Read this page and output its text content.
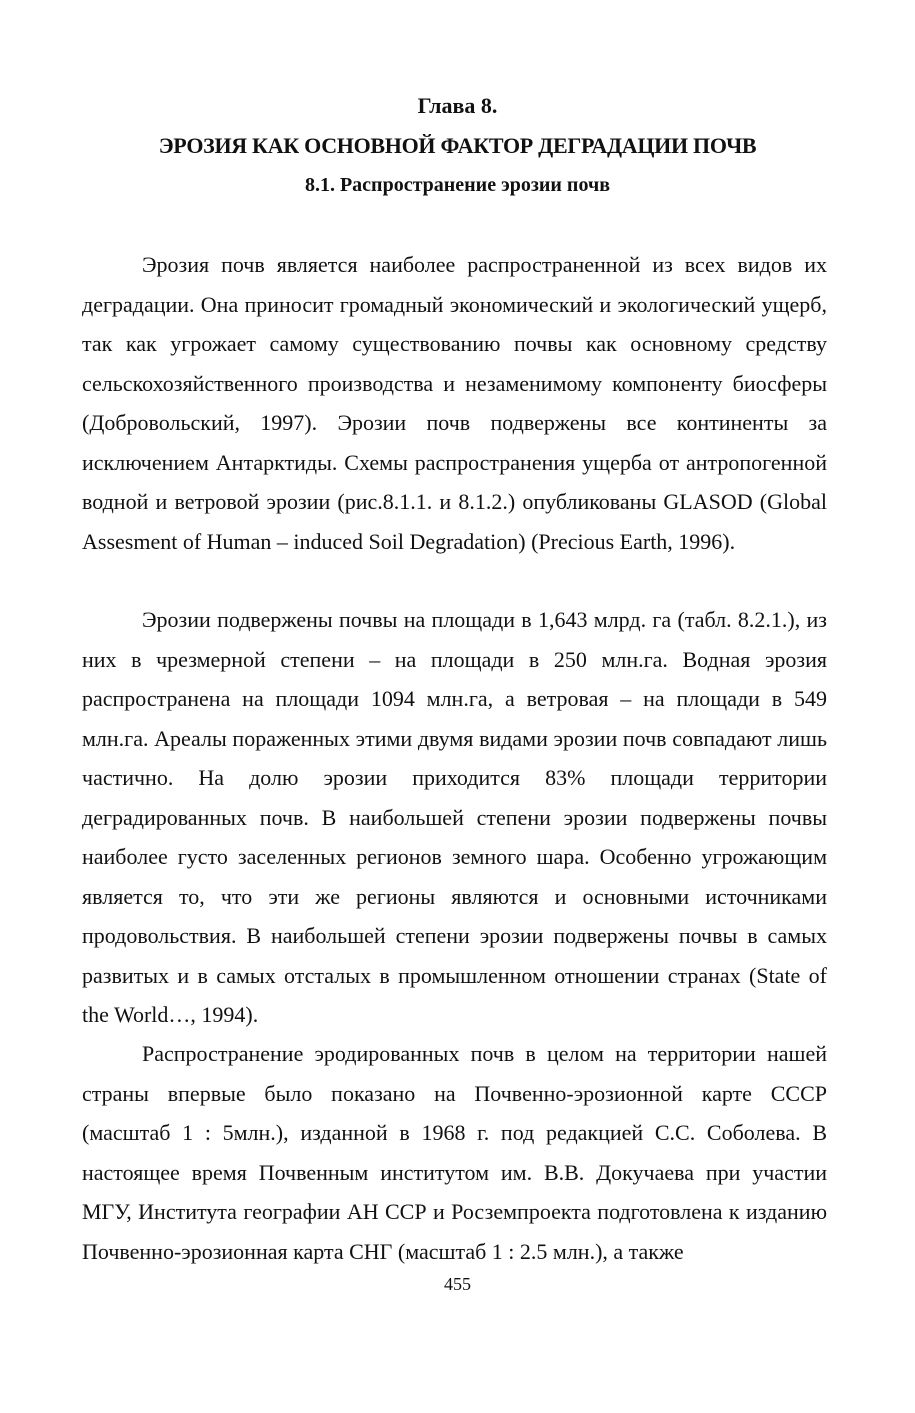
Глава 8.
ЭРОЗИЯ КАК ОСНОВНОЙ ФАКТОР ДЕГРАДАЦИИ ПОЧВ
8.1. Распространение эрозии почв

Эрозия почв является наиболее распространенной из всех видов их деградации. Она приносит громадный экономический и экологический ущерб, так как угрожает самому существованию почвы как основному средству сельскохозяйственного производства и незаменимому компоненту биосферы (Добровольский, 1997). Эрозии почв подвержены все континенты за исключением Антарктиды. Схемы распространения ущерба от антропогенной водной и ветровой эрозии (рис.8.1.1. и 8.1.2.) опубликованы GLASOD (Global Assesment of Human – induced Soil Degradation) (Precious Earth, 1996).

Эрозии подвержены почвы на площади в 1,643 млрд. га (табл. 8.2.1.), из них в чрезмерной степени – на площади в 250 млн.га. Водная эрозия распространена на площади 1094 млн.га, а ветровая – на площади в 549 млн.га. Ареалы пораженных этими двумя видами эрозии почв совпадают лишь частично. На долю эрозии приходится 83% площади территории деградированных почв. В наибольшей степени эрозии подвержены почвы наиболее густо заселенных регионов земного шара. Особенно угрожающим является то, что эти же регионы являются и основными источниками продовольствия. В наибольшей степени эрозии подвержены почвы в самых развитых и в самых отсталых в промышленном отношении странах (State of the World…, 1994).

Распространение эродированных почв в целом на территории нашей страны впервые было показано на Почвенно-эрозионной карте СССР (масштаб 1 : 5млн.), изданной в 1968 г. под редакцией С.С. Соболева. В настоящее время Почвенным институтом им. В.В. Докучаева при участии МГУ, Института географии АН ССР и Росземпроекта подготовлена к изданию Почвенно-эрозионная карта СНГ (масштаб 1 : 2.5 млн.), а также

455
